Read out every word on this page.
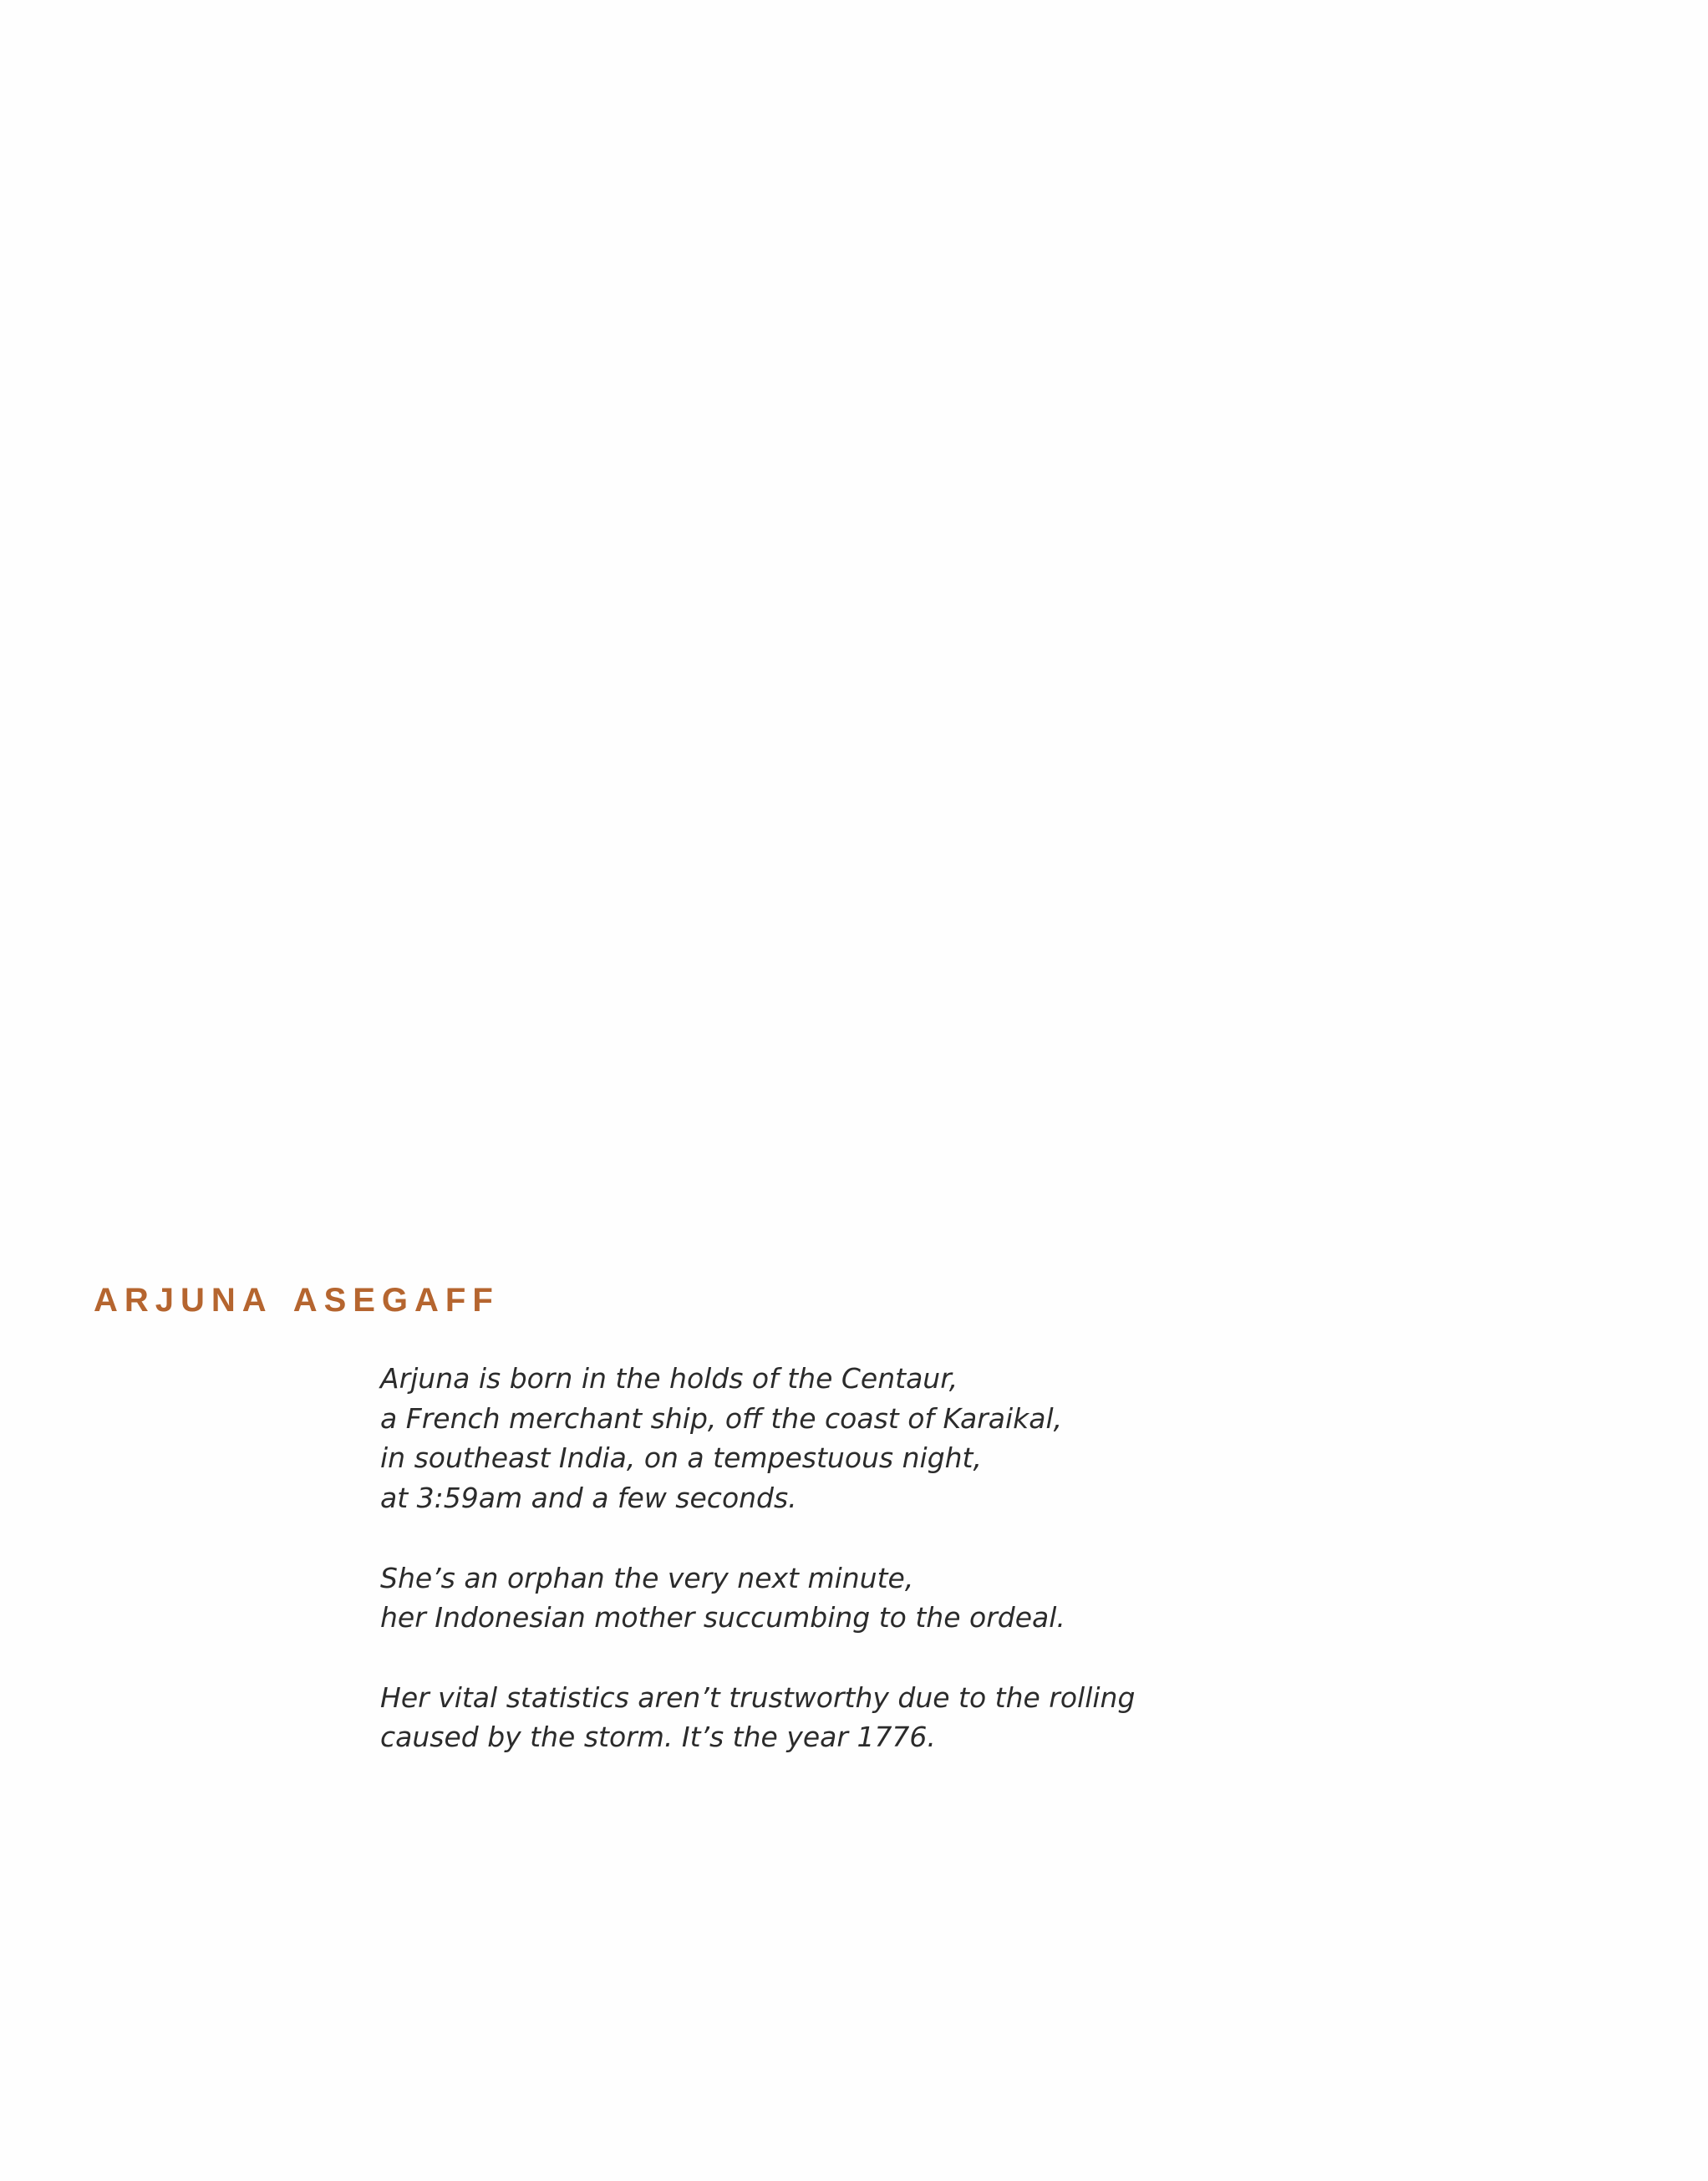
ARJUNA ASEGAFF

Arjuna is born in the holds of the Centaur,
a French merchant ship, off the coast of Karaikal,
in southeast India, on a tempestuous night,
at 3:59am and a few seconds.

She’s an orphan the very next minute,
her Indonesian mother succumbing to the ordeal.

Her vital statistics aren’t trustworthy due to the rolling
caused by the storm. It’s the year 1776.
